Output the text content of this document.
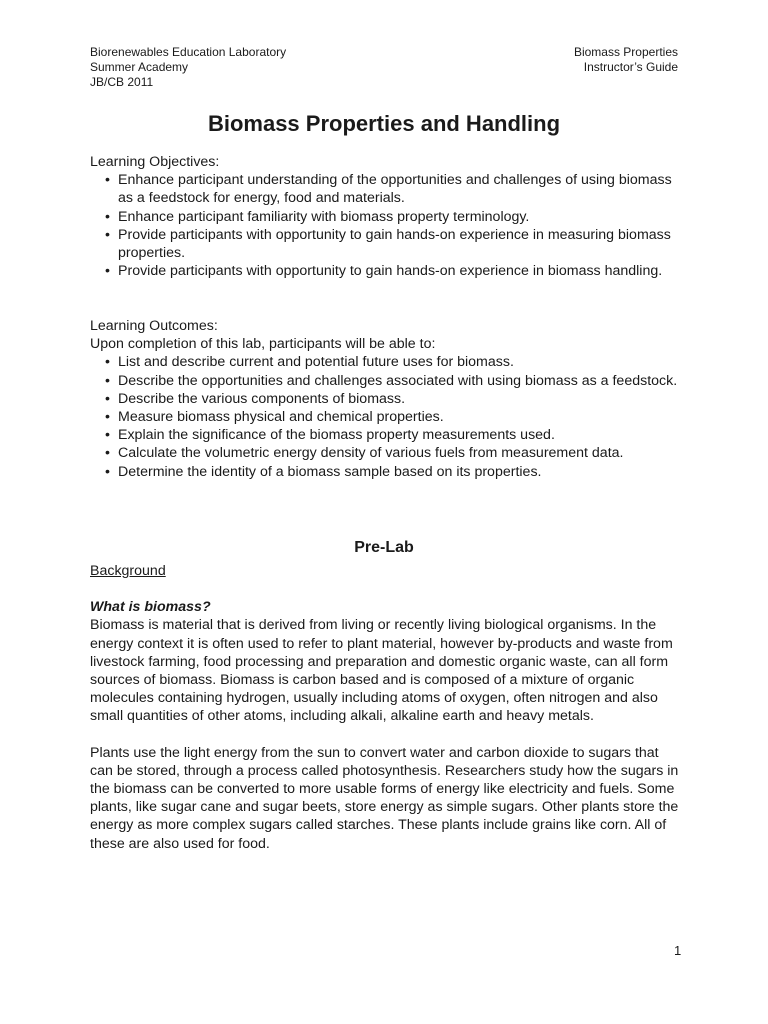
Biorenewables Education Laboratory
Summer Academy
JB/CB 2011
Biomass Properties
Instructor’s Guide
Biomass Properties and Handling
Learning Objectives:
• Enhance participant understanding of the opportunities and challenges of using biomass as a feedstock for energy, food and materials.
• Enhance participant familiarity with biomass property terminology.
• Provide participants with opportunity to gain hands-on experience in measuring biomass properties.
• Provide participants with opportunity to gain hands-on experience in biomass handling.
Learning Outcomes:
Upon completion of this lab, participants will be able to:
• List and describe current and potential future uses for biomass.
• Describe the opportunities and challenges associated with using biomass as a feedstock.
• Describe the various components of biomass.
• Measure biomass physical and chemical properties.
• Explain the significance of the biomass property measurements used.
• Calculate the volumetric energy density of various fuels from measurement data.
• Determine the identity of a biomass sample based on its properties.
Pre-Lab
Background
What is biomass?
Biomass is material that is derived from living or recently living biological organisms. In the energy context it is often used to refer to plant material, however by-products and waste from livestock farming, food processing and preparation and domestic organic waste, can all form sources of biomass. Biomass is carbon based and is composed of a mixture of organic molecules containing hydrogen, usually including atoms of oxygen, often nitrogen and also small quantities of other atoms, including alkali, alkaline earth and heavy metals.
Plants use the light energy from the sun to convert water and carbon dioxide to sugars that can be stored, through a process called photosynthesis. Researchers study how the sugars in the biomass can be converted to more usable forms of energy like electricity and fuels. Some plants, like sugar cane and sugar beets, store energy as simple sugars. Other plants store the energy as more complex sugars called starches. These plants include grains like corn. All of these are also used for food.
1
